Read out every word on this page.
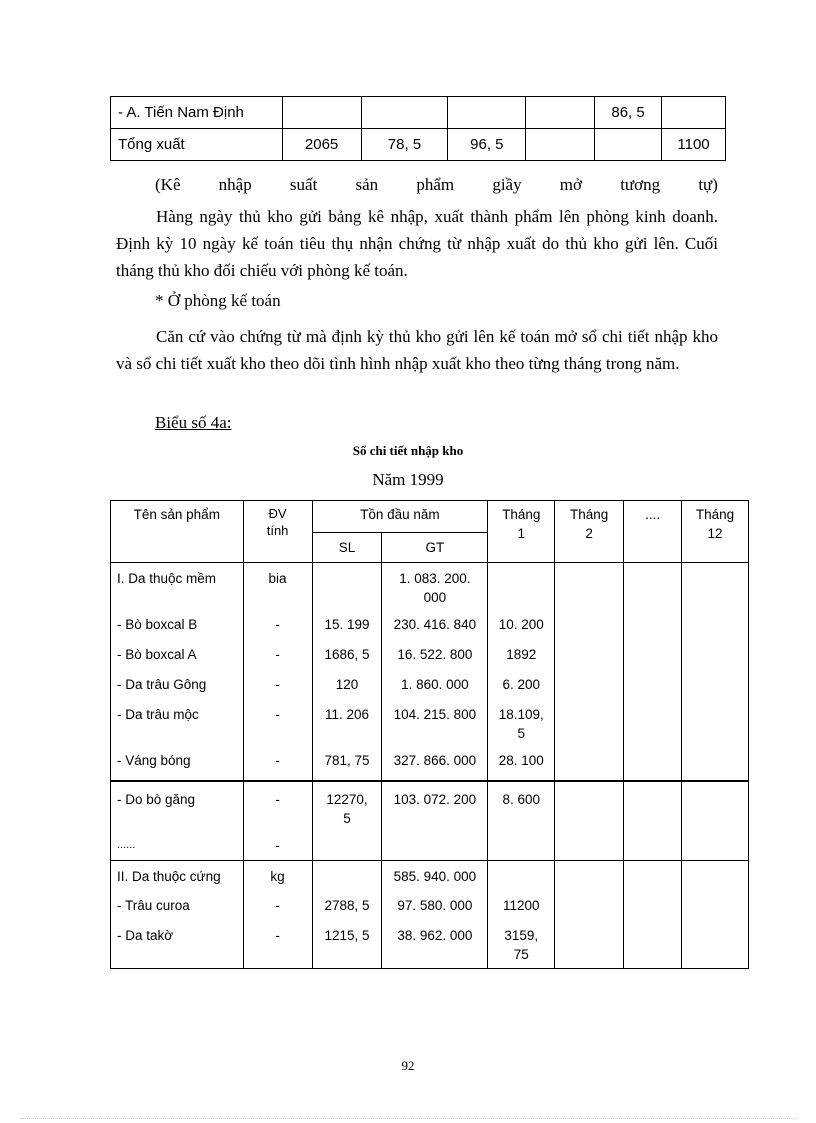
- A. Tiến Nam Định					86, 5	
Tổng xuất	2065	78, 5	96, 5			1100
(Kê nhập suất sản phẩm giầy mở tương tự)

Hàng ngày thủ kho gửi bảng kê nhập, xuất thành phẩm lên phòng kinh doanh. Định kỳ 10 ngày kế toán tiêu thụ nhận chứng từ nhập xuất do thủ kho gửi lên. Cuối tháng thủ kho đối chiếu với phòng kế toán.

* Ở phòng kế toán

Căn cứ vào chứng từ mà định kỳ thủ kho gửi lên kế toán mở sổ chi tiết nhập kho và sổ chi tiết xuất kho theo dõi tình hình nhập xuất kho theo từng tháng trong năm.

Biểu số 4a:
Sổ chi tiết nhập kho
Năm 1999
Tên sản phẩm	ĐV tính	Tồn đầu năm		Tháng 1	Tháng 2	....	Tháng 12
		SL	GT				
I. Da thuộc mềm	bia		1. 083. 200. 000				
- Bò boxcal B	-	15. 199	230. 416. 840	10. 200			
- Bò boxcal A	-	1686, 5	16. 522. 800	1892			
- Da trâu Gông	-	120	1. 860. 000	6. 200			
- Da trâu mộc	-	11. 206	104. 215. 800	18.109, 5			
- Váng bóng	-	781, 75	327. 866. 000	28. 100			
- Do bò găng	-	12270, 5	103. 072. 200	8. 600			
......	-						
II. Da thuộc cứng	kg		585. 940. 000				
- Trâu curoa	-	2788, 5	97. 580. 000	11200			
- Da takờ	-	1215, 5	38. 962. 000	3159, 75			
92
